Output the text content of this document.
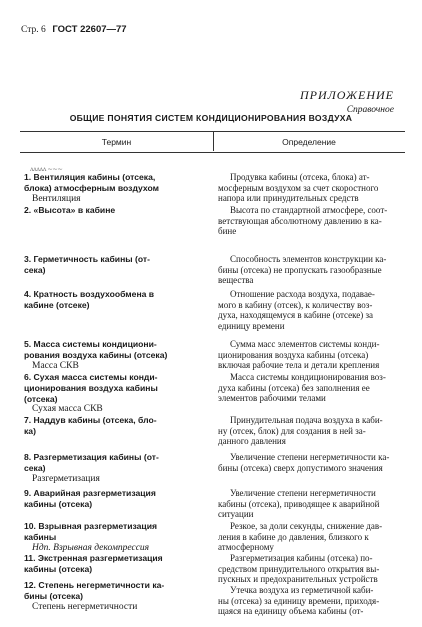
Стр. 6 ГОСТ 22607—77
ПРИЛОЖЕНИЕ
Справочное
ОБЩИЕ ПОНЯТИЯ СИСТЕМ КОНДИЦИОНИРОВАНИЯ ВОЗДУХА
Термин	Определение
ᴧᴧᴧᴧᴧ ~~~
1. Вентиляция кабины (отсека,
блока) атмосферным воздухом
Вентиляция
2. «Высота» в кабине
3. Герметичность кабины (от-
сека)
4. Кратность воздухообмена в
кабине (отсеке)
5. Масса системы кондициони-
рования воздуха кабины (отсека)
Масса СКВ
6. Сухая масса системы конди-
ционирования воздуха кабины
(отсека)
Сухая масса СКВ
7. Наддув кабины (отсека, бло-
ка)
8. Разгерметизация кабины (от-
сека)
Разгерметизация
9. Аварийная разгерметизация
кабины (отсека)
10. Взрывная разгерметизация
кабины
Ндп. Взрывная декомпрессия
11. Экстренная разгерметизация
кабины (отсека)
12. Степень негерметичности ка-
бины (отсека)
Степень негерметичности
Продувка кабины (отсека, блока) ат-
мосферным воздухом за счет скоростного
напора или принудительных средств
Высота по стандартной атмосфере, соот-
ветствующая абсолютному давлению в ка-
бине
Способность элементов конструкции ка-
бины (отсека) не пропускать газообразные
вещества
Отношение расхода воздуха, подавае-
мого в кабину (отсек), к количеству воз-
духа, находящемуся в кабине (отсеке) за
единицу времени
Сумма масс элементов системы конди-
ционирования воздуха кабины (отсека)
включая рабочие тела и детали крепления
Масса системы кондиционирования воз-
духа кабины (отсека) без заполнения ее
элементов рабочими телами
Принудительная подача воздуха в каби-
ну (отсек, блок) для создания в ней за-
данного давления
Увеличение степени негерметичности ка-
бины (отсека) сверх допустимого значения
Увеличение степени негерметичности
кабины (отсека), приводящее к аварийной
ситуации
Резкое, за доли секунды, снижение дав-
ления в кабине до давления, близкого к
атмосферному
Разгерметизация кабины (отсека) по-
средством принудительного открытия вы-
пускных и предохранительных устройств
Утечка воздуха из герметичной каби-
ны (отсека) за единицу времени, приходя-
щаяся на единицу объема кабины (от-
